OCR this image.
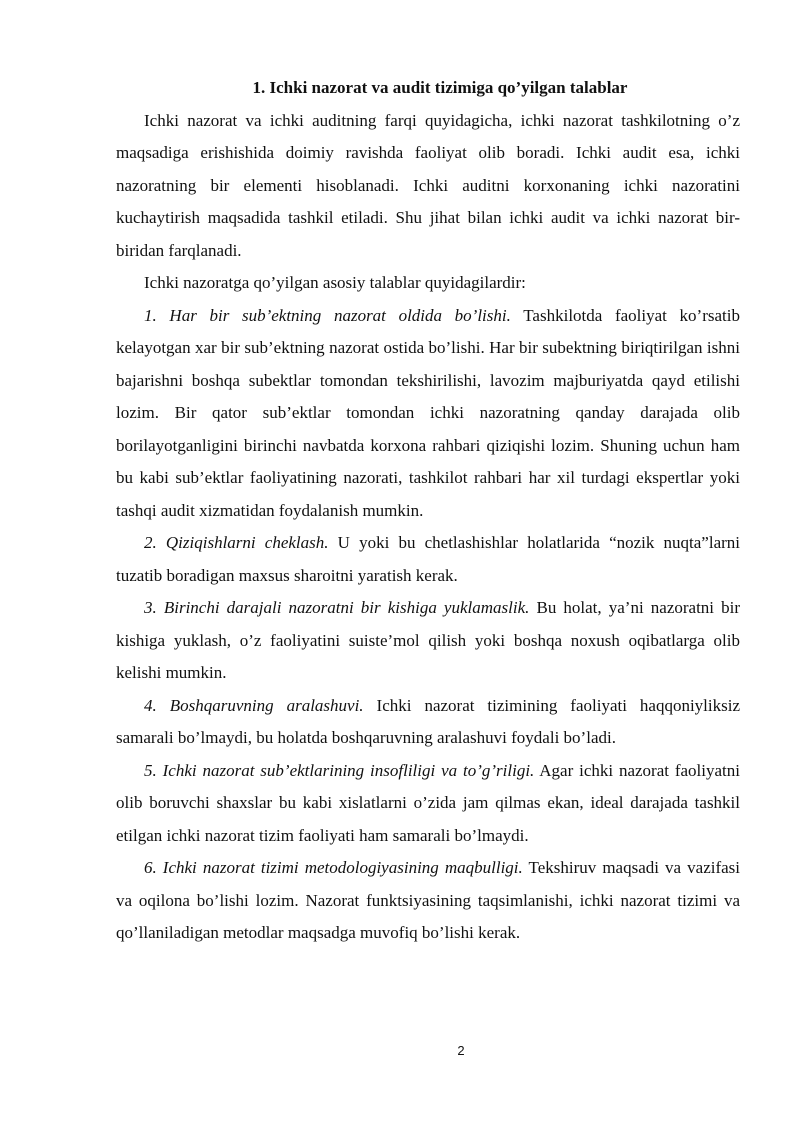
1. Ichki nazorat va audit tizimiga qo’yilgan talablar

Ichki nazorat va ichki auditning farqi quyidagicha, ichki nazorat tashkilotning o’z maqsadiga erishishida doimiy ravishda faoliyat olib boradi. Ichki audit esa, ichki nazoratning bir elementi hisoblanadi. Ichki auditni korxonaning ichki nazoratini kuchaytirish maqsadida tashkil etiladi. Shu jihat bilan ichki audit va ichki nazorat bir-biridan farqlanadi.

Ichki nazoratga qo’yilgan asosiy talablar quyidagilardir:

1. Har bir sub’ektning nazorat oldida bo’lishi. Tashkilotda faoliyat ko’rsatib kelayotgan xar bir sub’ektning nazorat ostida bo’lishi. Har bir subektning biriqtirilgan ishni bajarishni boshqa subektlar tomondan tekshirilishi, lavozim majburiyatda qayd etilishi lozim. Bir qator sub’ektlar tomondan ichki nazoratning qanday darajada olib borilayotganligini birinchi navbatda korxona rahbari qiziqishi lozim. Shuning uchun ham bu kabi sub’ektlar faoliyatining nazorati, tashkilot rahbari har xil turdagi ekspertlar yoki tashqi audit xizmatidan foydalanish mumkin.

2. Qiziqishlarni cheklash. U yoki bu chetlashishlar holatlarida “nozik nuqta”larni tuzatib boradigan maxsus sharoitni yaratish kerak.

3. Birinchi darajali nazoratni bir kishiga yuklamaslik. Bu holat, ya’ni nazoratni bir kishiga yuklash, o’z faoliyatini suiste’mol qilish yoki boshqa noxush oqibatlarga olib kelishi mumkin.

4. Boshqaruvning aralashuvi. Ichki nazorat tizimining faoliyati haqqoniyliksiz samarali bo’lmaydi, bu holatda boshqaruvning aralashuvi foydali bo’ladi.

5. Ichki nazorat sub’ektlarining insofliligi va to’g’riligi. Agar ichki nazorat faoliyatni olib boruvchi shaxslar bu kabi xislatlarni o’zida jam qilmas ekan, ideal darajada tashkil etilgan ichki nazorat tizim faoliyati ham samarali bo’lmaydi.

6. Ichki nazorat tizimi metodologiyasining maqbulligi. Tekshiruv maqsadi va vazifasi va oqilona bo’lishi lozim. Nazorat funktsiyasining taqsimlanishi, ichki nazorat tizimi va qo’llaniladigan metodlar maqsadga muvofiq bo’lishi kerak.

2
